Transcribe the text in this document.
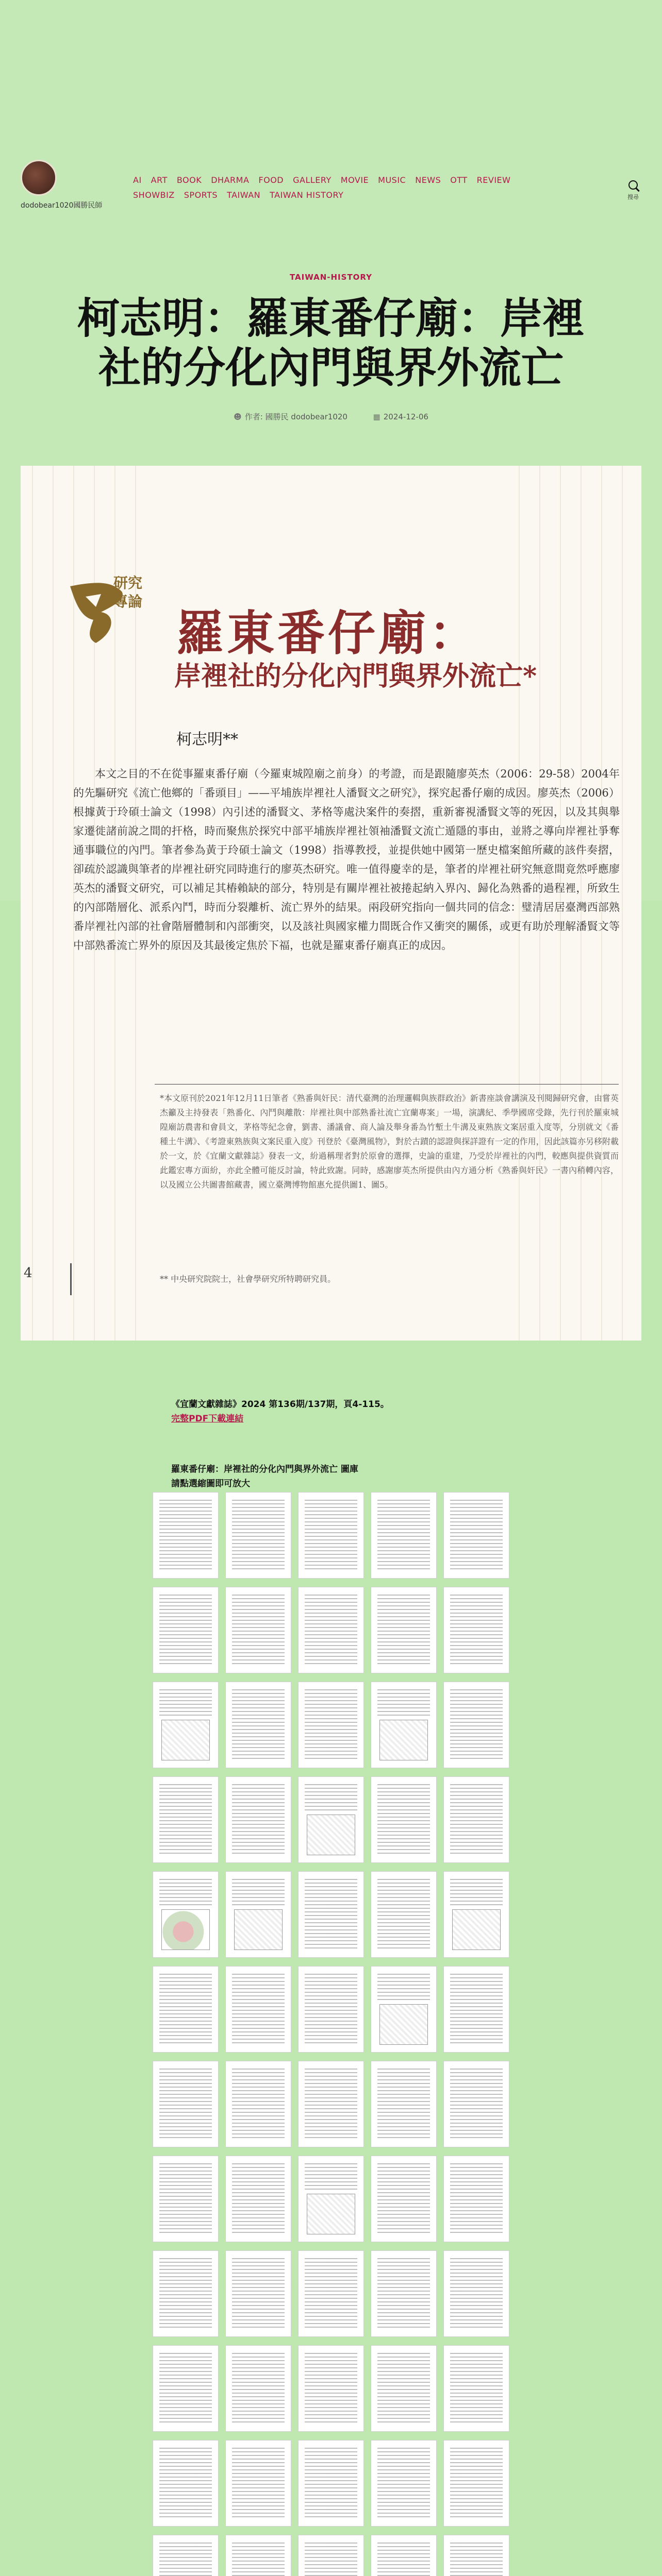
dodobear1020國勝民師
AI ART BOOK DHARMA FOOD GALLERY MOVIE MUSIC NEWS OTT REVIEW
SHOWBIZ SPORTS TAIWAN TAIWAN HISTORY	搜尋
TAIWAN-HISTORY
柯志明：羅東番仔廟：岸裡社的分化內門與界外流亡
☻ 作者: 國勝民 dodobear1020	▦ 2024-12-06
研究
專論
羅東番仔廟：
岸裡社的分化內門與界外流亡*
柯志明**
本文之目的不在從事羅東番仔廟（今羅東城隍廟之前身）的考證，而是跟隨廖英杰（2006：29-58）2004年的先驅研究《流亡他鄉的「番頭目」——平埔族岸裡社人潘賢文之研究》，探究起番仔廟的成因。廖英杰（2006）根據黃于玲碩士論文（1998）內引述的潘賢文、茅格等處決案件的奏摺，重新審視潘賢文等的死因，以及其與舉家遷徙諸前說之間的扞格，時而聚焦於探究中部平埔族岸裡社領袖潘賢文流亡遁隱的事由，並將之導向岸裡社爭奪通事職位的內門。筆者參為黃于玲碩士論文（1998）指導教授，並提供她中國第一歷史檔案館所藏的該件奏摺，卻疏於認識與筆者的岸裡社研究同時進行的廖英杰研究。唯一值得慶幸的是，筆者的岸裡社研究無意間竟然呼應廖英杰的潘賢文研究，可以補足其樁賴缺的部分，特別是有關岸裡社被捲起納入界內、歸化為熟番的過程裡，所致生的內部階層化、派系內鬥，時而分裂離析、流亡界外的結果。兩段研究指向一個共同的信念：璧清居居臺灣西部熟番岸裡社內部的社會階層體制和內部衝突，以及該社與國家權力間既合作又衝突的關係，或更有助於理解潘賢文等中部熟番流亡界外的原因及其最後定焦於下福，也就是羅東番仔廟真正的成因。
*本文原刊於2021年12月11日筆者《熟番與奸民：清代臺灣的治理邏輯與族群政治》新書座談會講演及刊閱歸研究會，由嘗英杰籲及主持發表「熟番化、內鬥與離散：岸裡社與中部熟番社流亡宜蘭專案」一場，演講紀、季學國席受錄，先行刊於羅東城隍廟訪農書和會員文，茅格等紀念會，劉書、潘議會、商人論及舉身番為竹塹土牛溝及東熟族文案居重入度等，分別就文《番種土牛溝》、《考證東熟族與文案民重入度》刊登於《臺灣風物》，對於古蹟的認證與探詳證有一定的作用，因此該篇亦另移附載於一文，於《宜蘭文獻雜誌》發表一文，紛過稱理者對於原會的選擇，史論的重建，乃受於岸裡社的內門，較應與提供資質而此鑑宏專方面紛，亦此全體可能反討論，特此致謝。同時，感謝廖英杰所提供由內方通分析《熟番與奸民》一書內稍轉內容，以及國立公共圖書館藏書，國立臺灣博物館惠允提供圖1、圖5。
** 中央研究院院士，社會學研究所特聘研究員。
4
《宜蘭文獻雜誌》2024 第136期/137期，頁4-115。
完整PDF下載連結
羅東番仔廟：岸裡社的分化內門與界外流亡 圖庫
請點選縮圖即可放大
